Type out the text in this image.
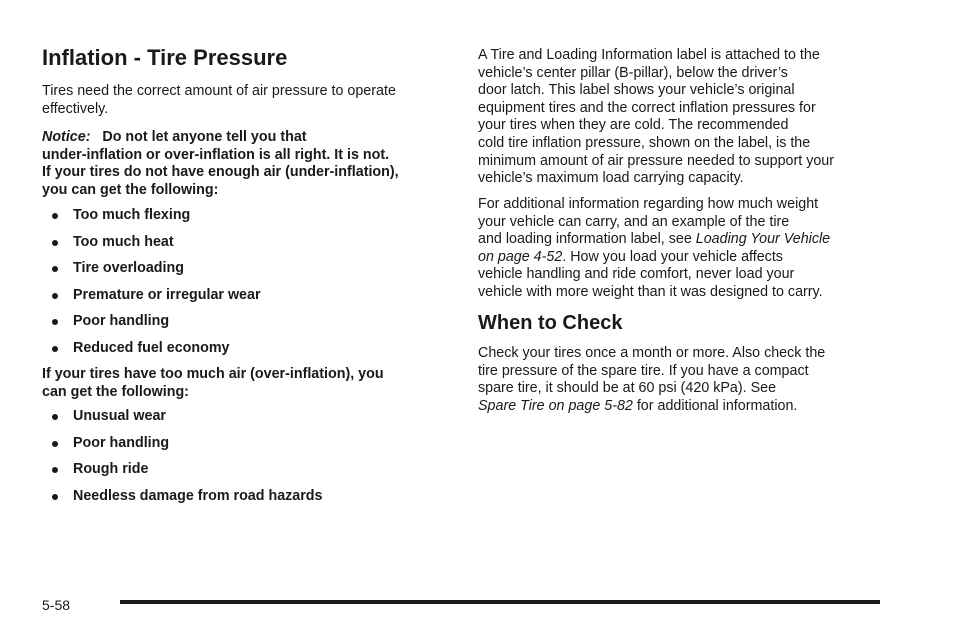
Inflation - Tire Pressure

Tires need the correct amount of air pressure to operate
effectively.

Notice: Do not let anyone tell you that
under-inflation or over-inflation is all right. It is not.
If your tires do not have enough air (under-inflation),
you can get the following:

Too much flexing
Too much heat
Tire overloading
Premature or irregular wear
Poor handling
Reduced fuel economy

If your tires have too much air (over-inflation), you
can get the following:

Unusual wear
Poor handling
Rough ride
Needless damage from road hazards

A Tire and Loading Information label is attached to the
vehicle’s center pillar (B-pillar), below the driver’s
door latch. This label shows your vehicle’s original
equipment tires and the correct inflation pressures for
your tires when they are cold. The recommended
cold tire inflation pressure, shown on the label, is the
minimum amount of air pressure needed to support your
vehicle’s maximum load carrying capacity.

For additional information regarding how much weight
your vehicle can carry, and an example of the tire
and loading information label, see Loading Your Vehicle
on page 4-52. How you load your vehicle affects
vehicle handling and ride comfort, never load your
vehicle with more weight than it was designed to carry.

When to Check

Check your tires once a month or more. Also check the
tire pressure of the spare tire. If you have a compact
spare tire, it should be at 60 psi (420 kPa). See
Spare Tire on page 5-82 for additional information.

5-58
